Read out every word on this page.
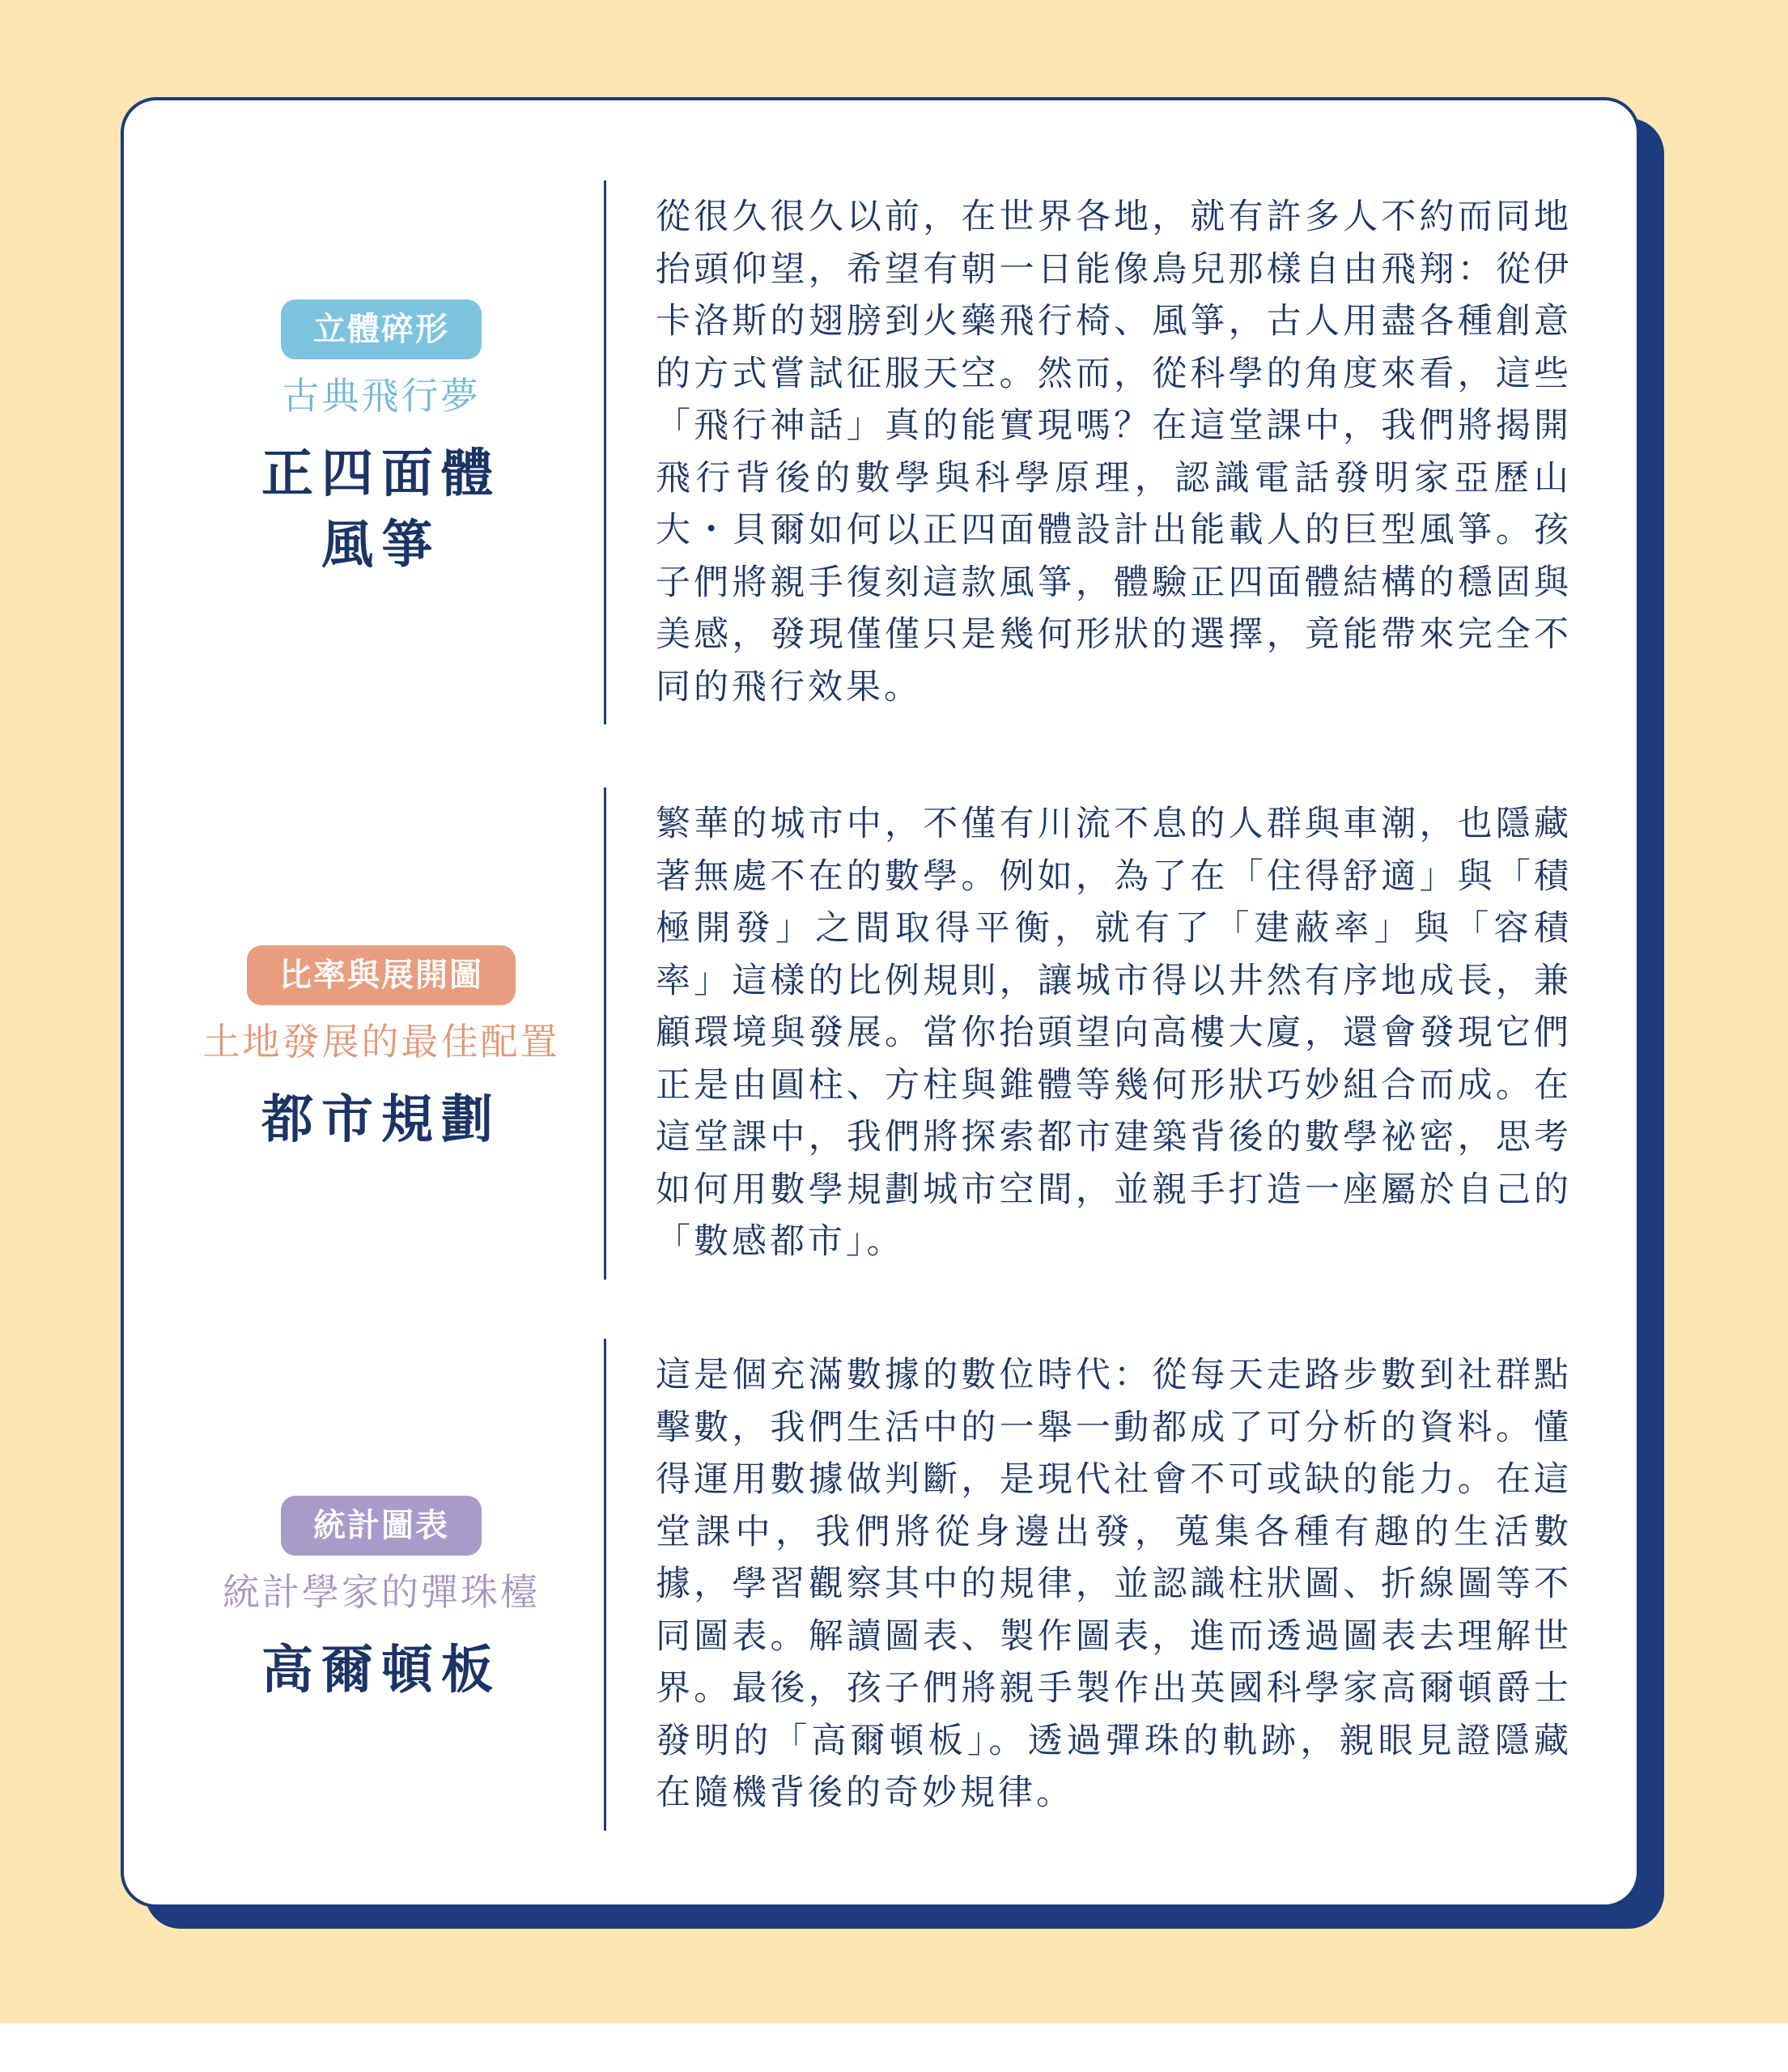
立體碎形
古典飛行夢
正四面體
風箏
從很久很久以前，在世界各地，就有許多人不約而同地抬頭仰望，希望有朝一日能像鳥兒那樣自由飛翔：從伊卡洛斯的翅膀到火藥飛行椅、風箏，古人用盡各種創意的方式嘗試征服天空。然而，從科學的角度來看，這些「飛行神話」真的能實現嗎？在這堂課中，我們將揭開飛行背後的數學與科學原理，認識電話發明家亞歷山大・貝爾如何以正四面體設計出能載人的巨型風箏。孩子們將親手復刻這款風箏，體驗正四面體結構的穩固與美感，發現僅僅只是幾何形狀的選擇，竟能帶來完全不同的飛行效果。
比率與展開圖
土地發展的最佳配置
都市規劃
繁華的城市中，不僅有川流不息的人群與車潮，也隱藏著無處不在的數學。例如，為了在「住得舒適」與「積極開發」之間取得平衡，就有了「建蔽率」與「容積率」這樣的比例規則，讓城市得以井然有序地成長，兼顧環境與發展。當你抬頭望向高樓大廈，還會發現它們正是由圓柱、方柱與錐體等幾何形狀巧妙組合而成。在這堂課中，我們將探索都市建築背後的數學祕密，思考如何用數學規劃城市空間，並親手打造一座屬於自己的「數感都市」。
統計圖表
統計學家的彈珠檯
高爾頓板
這是個充滿數據的數位時代：從每天走路步數到社群點擊數，我們生活中的一舉一動都成了可分析的資料。懂得運用數據做判斷，是現代社會不可或缺的能力。在這堂課中，我們將從身邊出發，蒐集各種有趣的生活數據，學習觀察其中的規律，並認識柱狀圖、折線圖等不同圖表。解讀圖表、製作圖表，進而透過圖表去理解世界。最後，孩子們將親手製作出英國科學家高爾頓爵士發明的「高爾頓板」。透過彈珠的軌跡，親眼見證隱藏在隨機背後的奇妙規律。
